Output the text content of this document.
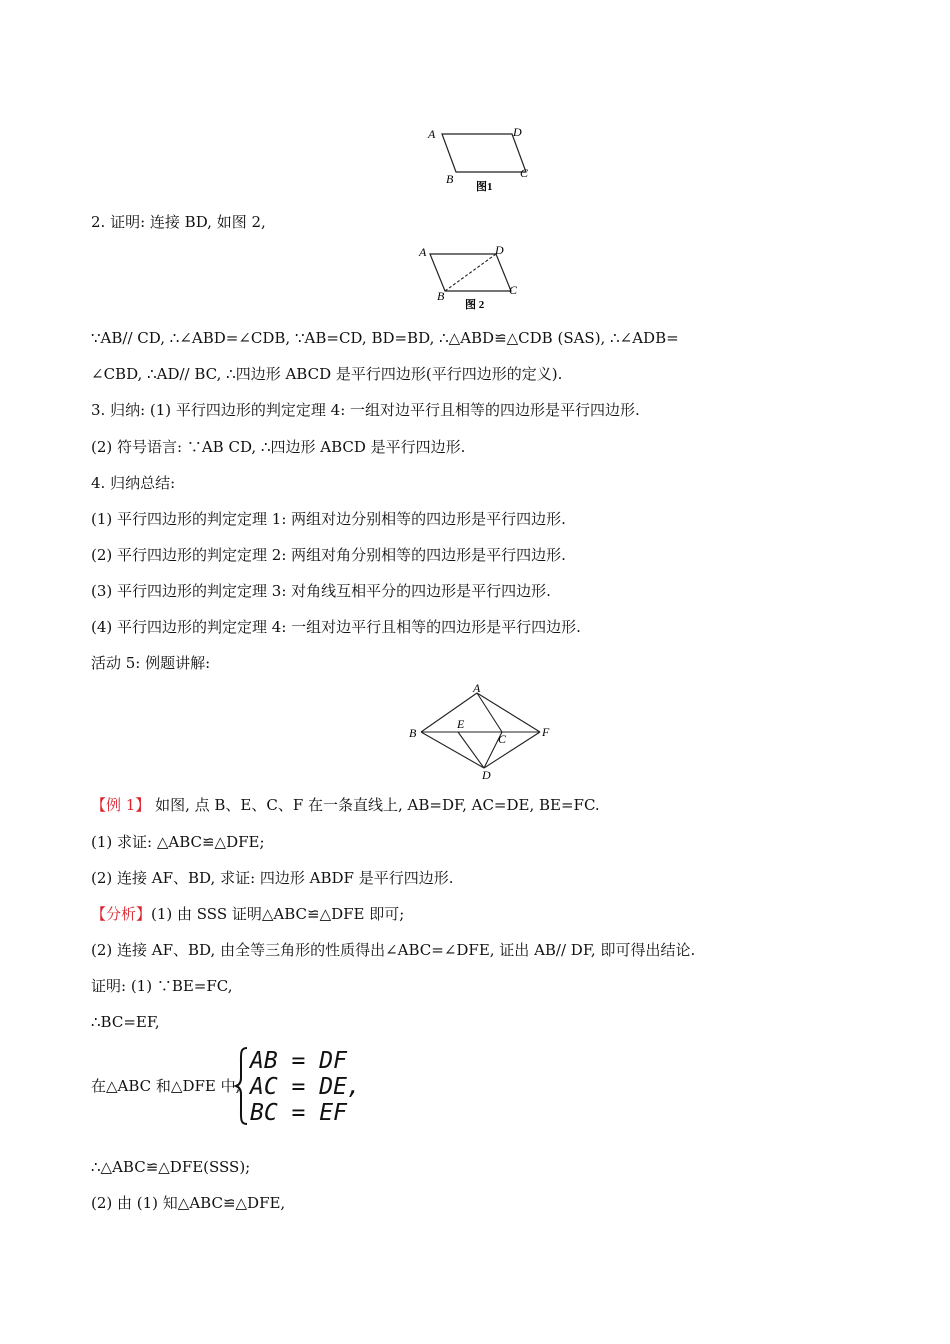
A	D
B	C
图1
2. 证明: 连接 BD, 如图 2,
A	D
B	C
图 2
∵AB// CD, ∴∠ABD=∠CDB, ∵AB=CD, BD=BD, ∴△ABD≌△CDB (SAS), ∴∠ADB=
∠CBD, ∴AD// BC, ∴四边形 ABCD 是平行四边形(平行四边形的定义).
3. 归纳: (1) 平行四边形的判定定理 4: 一组对边平行且相等的四边形是平行四边形.
(2) 符号语言: ∵AB CD, ∴四边形 ABCD 是平行四边形.
4. 归纳总结:
(1) 平行四边形的判定定理 1: 两组对边分别相等的四边形是平行四边形.
(2) 平行四边形的判定定理 2: 两组对角分别相等的四边形是平行四边形.
(3) 平行四边形的判定定理 3: 对角线互相平分的四边形是平行四边形.
(4) 平行四边形的判定定理 4: 一组对边平行且相等的四边形是平行四边形.
活动 5: 例题讲解:
A
B
E
C	F
D
【例 1】 如图, 点 B、E、C、F 在一条直线上, AB=DF, AC=DE, BE=FC.
(1) 求证: △ABC≌△DFE;
(2) 连接 AF、BD, 求证: 四边形 ABDF 是平行四边形.
【分析】(1) 由 SSS 证明△ABC≌△DFE 即可;
(2) 连接 AF、BD, 由全等三角形的性质得出∠ABC=∠DFE, 证出 AB// DF, 即可得出结论.
证明: (1) ∵BE=FC,
∴BC=EF,
在△ABC 和△DFE 中,
AB = DF
AC = DE,
BC = EF
∴△ABC≌△DFE(SSS);
(2) 由 (1) 知△ABC≌△DFE,
